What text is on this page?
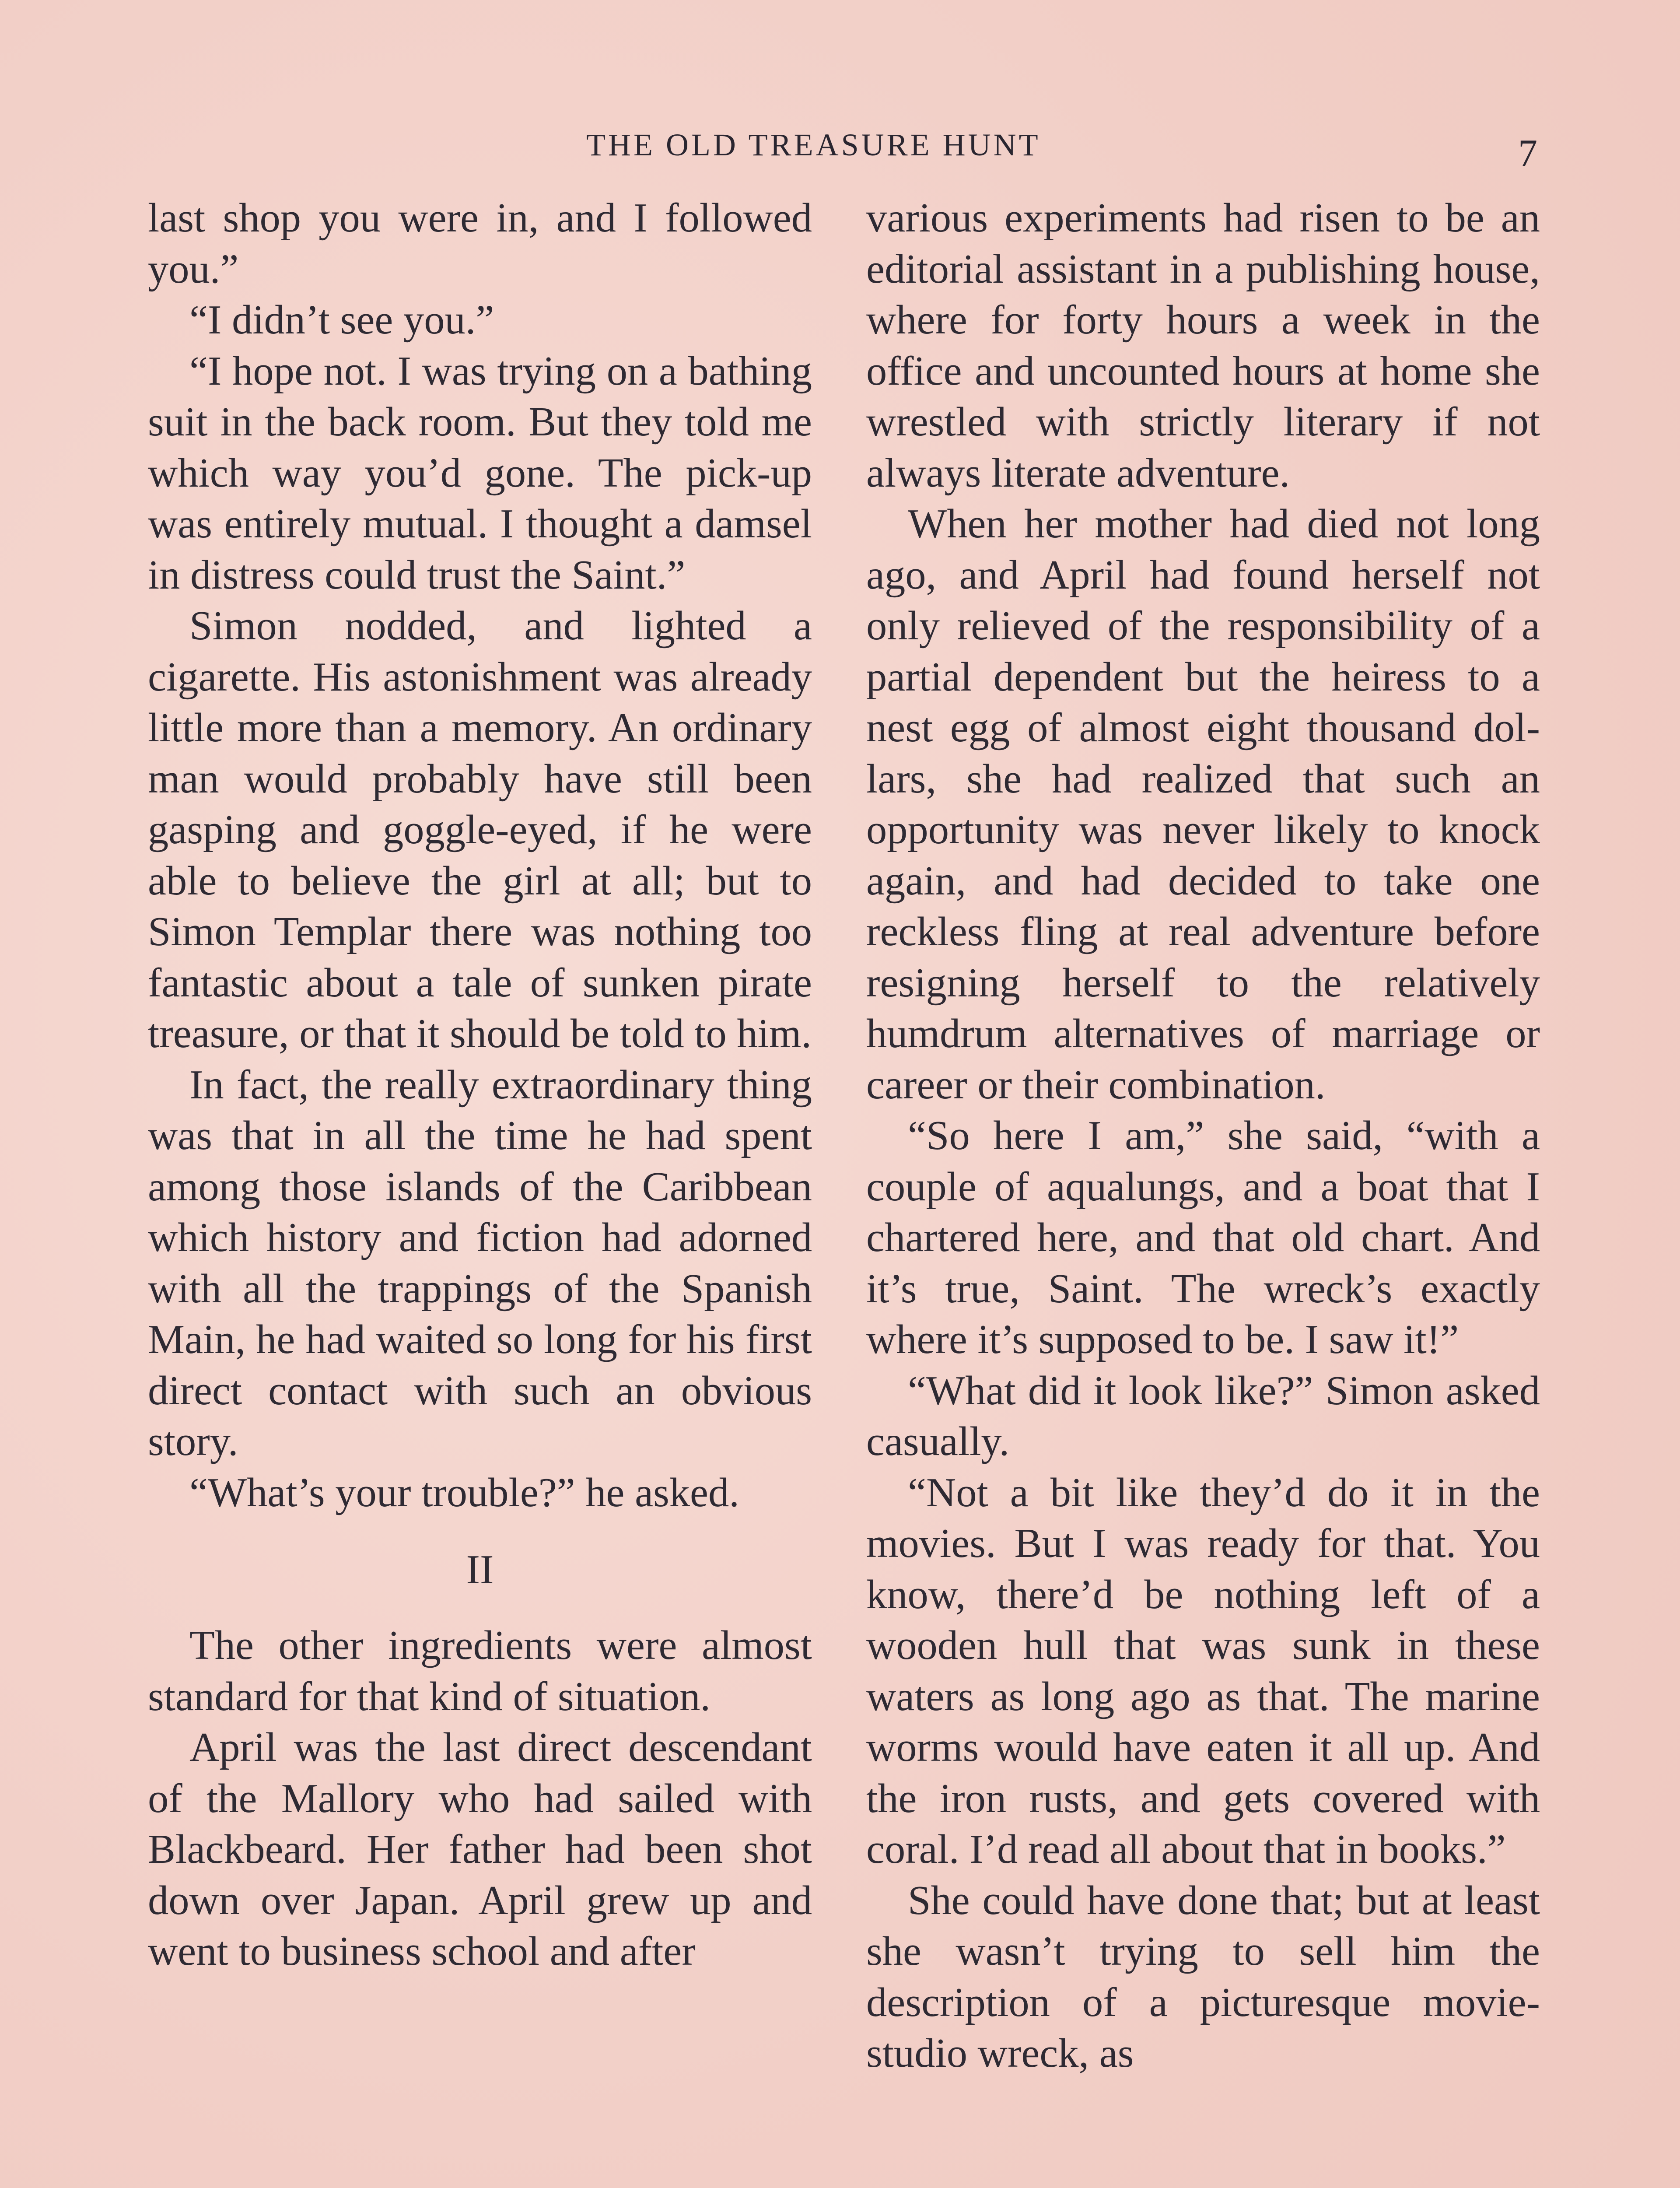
THE OLD TREASURE HUNT	7

last shop you were in, and I followed you.”

“I didn’t see you.”

“I hope not. I was trying on a bathing suit in the back room. But they told me which way you’d gone. The pick-up was entirely mutual. I thought a damsel in distress could trust the Saint.”

Simon nodded, and lighted a cigarette. His astonishment was already little more than a memory. An ordinary man would probably have still been gasping and goggle-eyed, if he were able to believe the girl at all; but to Simon Templar there was nothing too fantastic about a tale of sunken pirate treasure, or that it should be told to him.

In fact, the really extraordinary thing was that in all the time he had spent among those islands of the Caribbean which history and fiction had adorned with all the trappings of the Spanish Main, he had waited so long for his first direct contact with such an obvious story.

“What’s your trouble?” he asked.

II

The other ingredients were almost standard for that kind of situation.

April was the last direct descendant of the Mallory who had sailed with Blackbeard. Her father had been shot down over Japan. April grew up and went to business school and after

various experiments had risen to be an editorial assistant in a publishing house, where for forty hours a week in the office and uncounted hours at home she wrestled with strictly literary if not always literate adventure.

When her mother had died not long ago, and April had found herself not only relieved of the responsibility of a partial dependent but the heiress to a nest egg of almost eight thousand dollars, she had realized that such an opportunity was never likely to knock again, and had decided to take one reckless fling at real adventure before resigning herself to the relatively humdrum alternatives of marriage or career or their combination.

“So here I am,” she said, “with a couple of aqualungs, and a boat that I chartered here, and that old chart. And it’s true, Saint. The wreck’s exactly where it’s supposed to be. I saw it!”

“What did it look like?” Simon asked casually.

“Not a bit like they’d do it in the movies. But I was ready for that. You know, there’d be nothing left of a wooden hull that was sunk in these waters as long ago as that. The marine worms would have eaten it all up. And the iron rusts, and gets covered with coral. I’d read all about that in books.”

She could have done that; but at least she wasn’t trying to sell him the description of a picturesque movie-studio wreck, as
